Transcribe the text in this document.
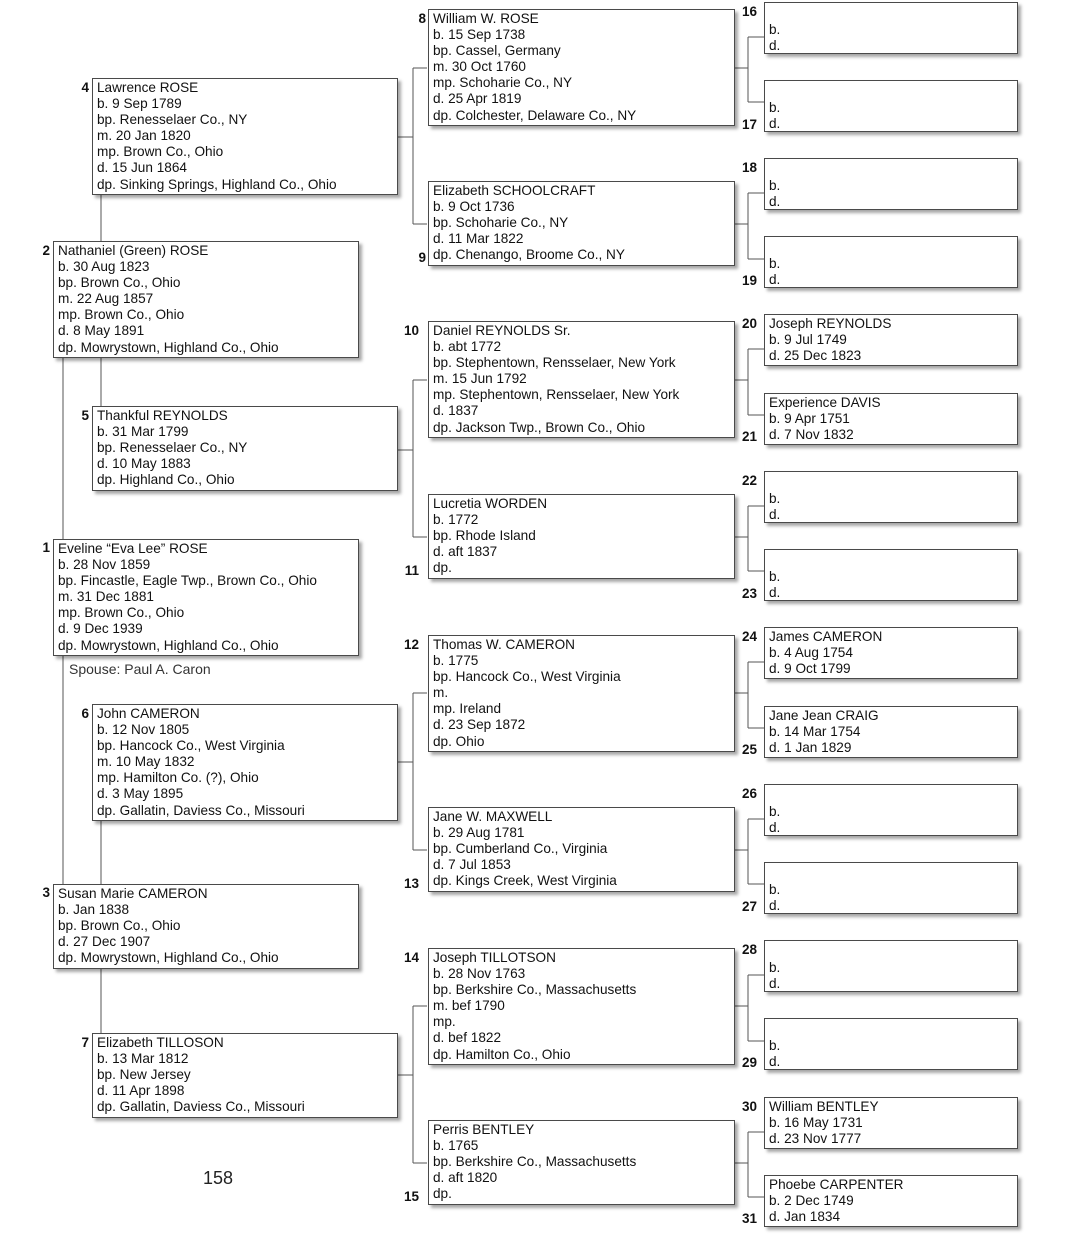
Eveline “Eva Lee” ROSE
b. 28 Nov 1859
bp. Fincastle, Eagle Twp., Brown Co., Ohio
m. 31 Dec 1881
mp. Brown Co., Ohio
d. 9 Dec 1939
dp. Mowrystown, Highland Co., Ohio
1
Nathaniel (Green) ROSE
b. 30 Aug 1823
bp. Brown Co., Ohio
m. 22 Aug 1857
mp. Brown Co., Ohio
d. 8 May 1891
dp. Mowrystown, Highland Co., Ohio
2
Susan Marie CAMERON
b. Jan 1838
bp. Brown Co., Ohio
d. 27 Dec 1907
dp. Mowrystown, Highland Co., Ohio
3
Lawrence ROSE
b. 9 Sep 1789
bp. Renesselaer Co., NY
m. 20 Jan 1820
mp. Brown Co., Ohio
d. 15 Jun 1864
dp. Sinking Springs, Highland Co., Ohio
4
Thankful REYNOLDS
b. 31 Mar 1799
bp. Renesselaer Co., NY
d. 10 May 1883
dp. Highland Co., Ohio
5
John CAMERON
b. 12 Nov 1805
bp. Hancock Co., West Virginia
m. 10 May 1832
mp. Hamilton Co. (?), Ohio
d. 3 May 1895
dp. Gallatin, Daviess Co., Missouri
6
Elizabeth TILLOSON
b. 13 Mar 1812
bp. New Jersey
d. 11 Apr 1898
dp. Gallatin, Daviess Co., Missouri
7
William W. ROSE
b. 15 Sep 1738
bp. Cassel, Germany
m. 30 Oct 1760
mp. Schoharie Co., NY
d. 25 Apr 1819
dp. Colchester, Delaware Co., NY
8
Elizabeth SCHOOLCRAFT
b. 9 Oct 1736
bp. Schoharie Co., NY
d. 11 Mar 1822
dp. Chenango, Broome Co., NY
9
Daniel REYNOLDS Sr.
b. abt 1772
bp. Stephentown, Rensselaer, New York
m. 15 Jun 1792
mp. Stephentown, Rensselaer, New York
d. 1837
dp. Jackson Twp., Brown Co., Ohio
10
Lucretia WORDEN
b. 1772
bp. Rhode Island
d. aft 1837
dp.
11
Thomas W. CAMERON
b. 1775
bp. Hancock Co., West Virginia
m.
mp. Ireland
d. 23 Sep 1872
dp. Ohio
12
Jane W. MAXWELL
b. 29 Aug 1781
bp. Cumberland Co., Virginia
d. 7 Jul 1853
dp. Kings Creek, West Virginia
13
Joseph TILLOTSON
b. 28 Nov 1763
bp. Berkshire Co., Massachusetts
m. bef 1790
mp.
d. bef 1822
dp. Hamilton Co., Ohio
14
Perris BENTLEY
b. 1765
bp. Berkshire Co., Massachusetts
d. aft 1820
dp.
15
b.
d.
16
b.
d.
17
b.
d.
18
b.
d.
19
Joseph REYNOLDS
b. 9 Jul 1749
d. 25 Dec 1823
20
Experience DAVIS
b. 9 Apr 1751
d. 7 Nov 1832
21
b.
d.
22
b.
d.
23
James CAMERON
b. 4 Aug 1754
d. 9 Oct 1799
24
Jane Jean CRAIG
b. 14 Mar 1754
d. 1 Jan 1829
25
b.
d.
26
b.
d.
27
b.
d.
28
b.
d.
29
William BENTLEY
b. 16 May 1731
d. 23 Nov 1777
30
Phoebe CARPENTER
b. 2 Dec 1749
d. Jan 1834
31
Spouse: Paul A. Caron
158
